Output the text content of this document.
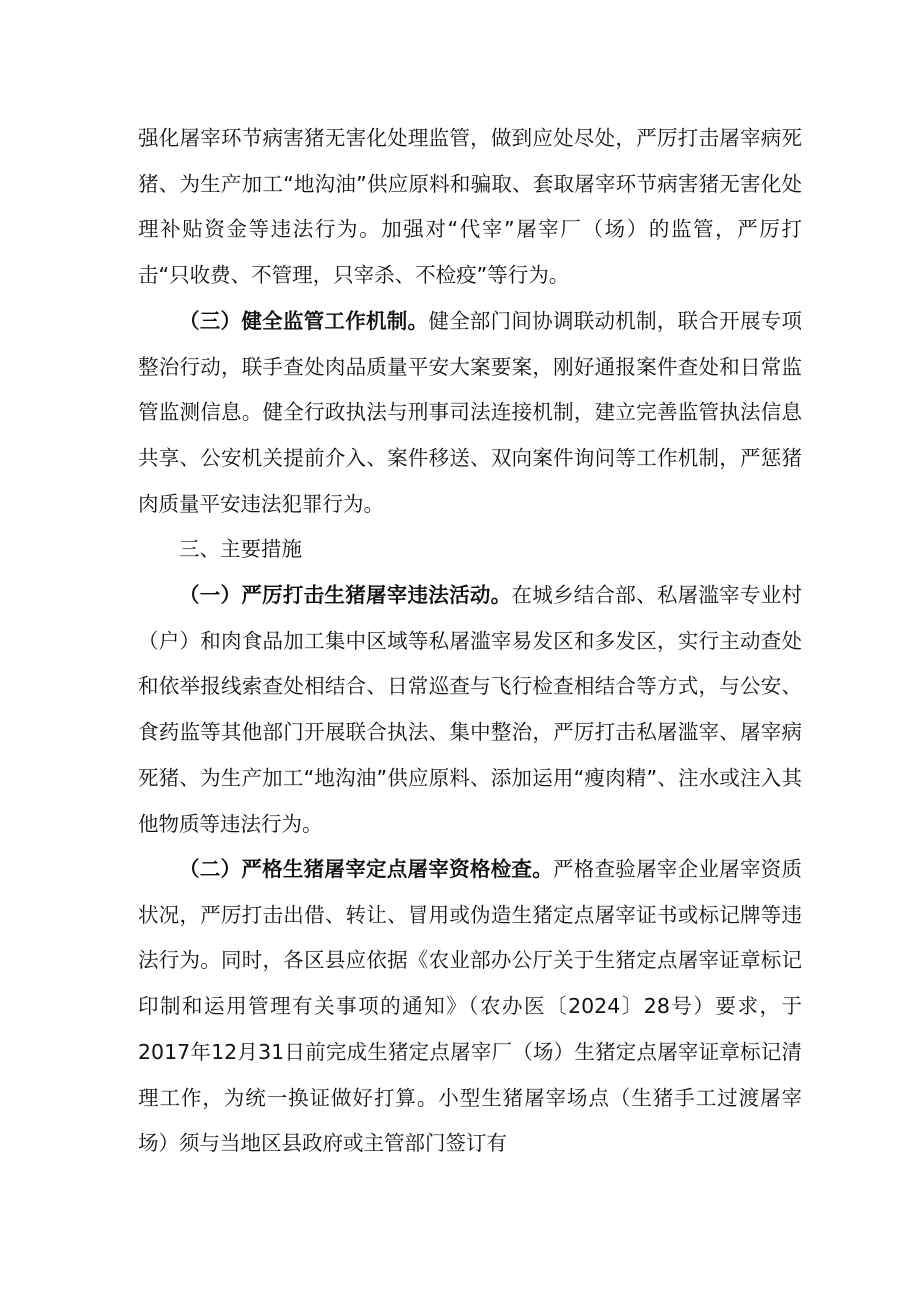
强化屠宰环节病害猪无害化处理监管，做到应处尽处，严厉打击屠宰病死猪、为生产加工“地沟油”供应原料和骗取、套取屠宰环节病害猪无害化处理补贴资金等违法行为。加强对“代宰”屠宰厂（场）的监管，严厉打击“只收费、不管理，只宰杀、不检疫”等行为。

（三）健全监管工作机制。健全部门间协调联动机制，联合开展专项整治行动，联手查处肉品质量平安大案要案，刚好通报案件查处和日常监管监测信息。健全行政执法与刑事司法连接机制，建立完善监管执法信息共享、公安机关提前介入、案件移送、双向案件询问等工作机制，严惩猪肉质量平安违法犯罪行为。

三、主要措施

（一）严厉打击生猪屠宰违法活动。在城乡结合部、私屠滥宰专业村（户）和肉食品加工集中区域等私屠滥宰易发区和多发区，实行主动查处和依举报线索查处相结合、日常巡查与飞行检查相结合等方式，与公安、食药监等其他部门开展联合执法、集中整治，严厉打击私屠滥宰、屠宰病死猪、为生产加工“地沟油”供应原料、添加运用“瘦肉精”、注水或注入其他物质等违法行为。

（二）严格生猪屠宰定点屠宰资格检查。严格查验屠宰企业屠宰资质状况，严厉打击出借、转让、冒用或伪造生猪定点屠宰证书或标记牌等违法行为。同时，各区县应依据《农业部办公厅关于生猪定点屠宰证章标记印制和运用管理有关事项的通知》（农办医〔2024〕28号）要求，于2017年12月31日前完成生猪定点屠宰厂（场）生猪定点屠宰证章标记清理工作，为统一换证做好打算。小型生猪屠宰场点（生猪手工过渡屠宰场）须与当地区县政府或主管部门签订有
